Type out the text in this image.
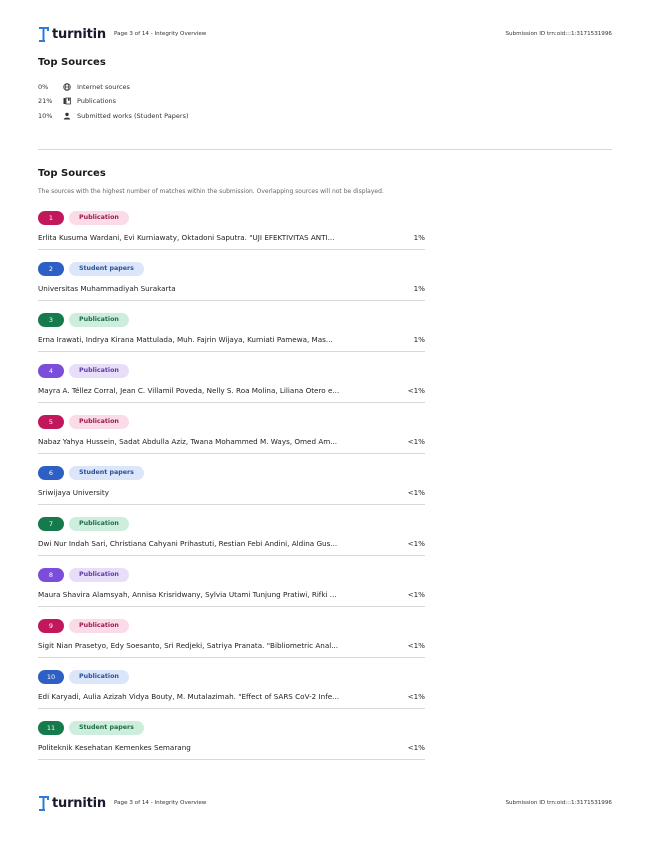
turnitin Page 3 of 14 - Integrity Overview	Submission ID trn:oid:::1:3171531996
Top Sources
0%	Internet sources
21%	Publications
10%	Submitted works (Student Papers)
Top Sources
The sources with the highest number of matches within the submission. Overlapping sources will not be displayed.
1	Publication
Erlita Kusuma Wardani, Evi Kurniawaty, Oktadoni Saputra. "UJI EFEKTIVITAS ANTI...	1%
2	Student papers
Universitas Muhammadiyah Surakarta	1%
3	Publication
Erna Irawati, Indrya Kirana Mattulada, Muh. Fajrin Wijaya, Kurniati Pamewa, Mas...	1%
4	Publication
Mayra A. Téllez Corral, Jean C. Villamil Poveda, Nelly S. Roa Molina, Liliana Otero e...	<1%
5	Publication
Nabaz Yahya Hussein, Sadat Abdulla Aziz, Twana Mohammed M. Ways, Omed Am...	<1%
6	Student papers
Sriwijaya University	<1%
7	Publication
Dwi Nur Indah Sari, Christiana Cahyani Prihastuti, Restian Febi Andini, Aldina Gus...	<1%
8	Publication
Maura Shavira Alamsyah, Annisa Krisridwany, Sylvia Utami Tunjung Pratiwi, Rifki ...	<1%
9	Publication
Sigit Nian Prasetyo, Edy Soesanto, Sri Redjeki, Satriya Pranata. "Bibliometric Anal...	<1%
10	Publication
Edi Karyadi, Aulia Azizah Vidya Bouty, M. Mutalazimah. "Effect of SARS CoV-2 Infe...	<1%
11	Student papers
Politeknik Kesehatan Kemenkes Semarang	<1%
turnitin Page 3 of 14 - Integrity Overview	Submission ID trn:oid:::1:3171531996
